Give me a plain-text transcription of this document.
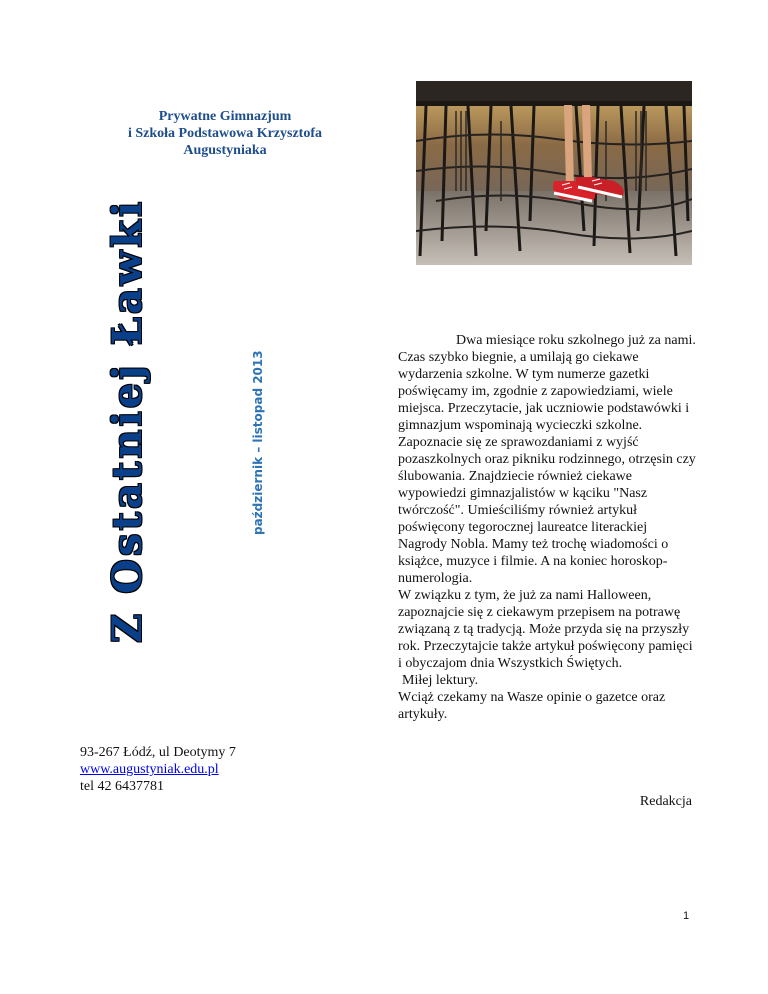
Prywatne Gimnazjum
i Szkoła Podstawowa Krzysztofa
Augustyniaka
Z Ostatniej Ławki	październik – listopad 2013
93-267 Łódź, ul Deotymy 7
www.augustyniak.edu.pl
tel 42 6437781

Dwa miesiące roku szkolnego już za nami. Czas szybko biegnie, a umilają go ciekawe wydarzenia szkolne. W tym numerze gazetki poświęcamy im, zgodnie z zapowiedziami, wiele miejsca. Przeczytacie, jak uczniowie podstawówki i gimnazjum wspominają wycieczki szkolne. Zapoznacie się ze sprawozdaniami z wyjść pozaszkolnych oraz pikniku rodzinnego, otrzęsin czy ślubowania. Znajdziecie również ciekawe wypowiedzi gimnazjalistów w kąciku "Nasz twórczość". Umieściliśmy również artykuł poświęcony tegorocznej laureatce literackiej Nagrody Nobla. Mamy też trochę wiadomości o książce, muzyce i filmie. A na koniec horoskop-numerologia.

W związku z tym, że już za nami Halloween, zapoznajcie się z ciekawym przepisem na potrawę związaną z tą tradycją. Może przyda się na przyszły rok. Przeczytajcie także artykuł poświęcony pamięci i obyczajom dnia Wszystkich Świętych.

Miłej lektury.

Wciąż czekamy na Wasze opinie o gazetce oraz artykuły.

Redakcja
1
